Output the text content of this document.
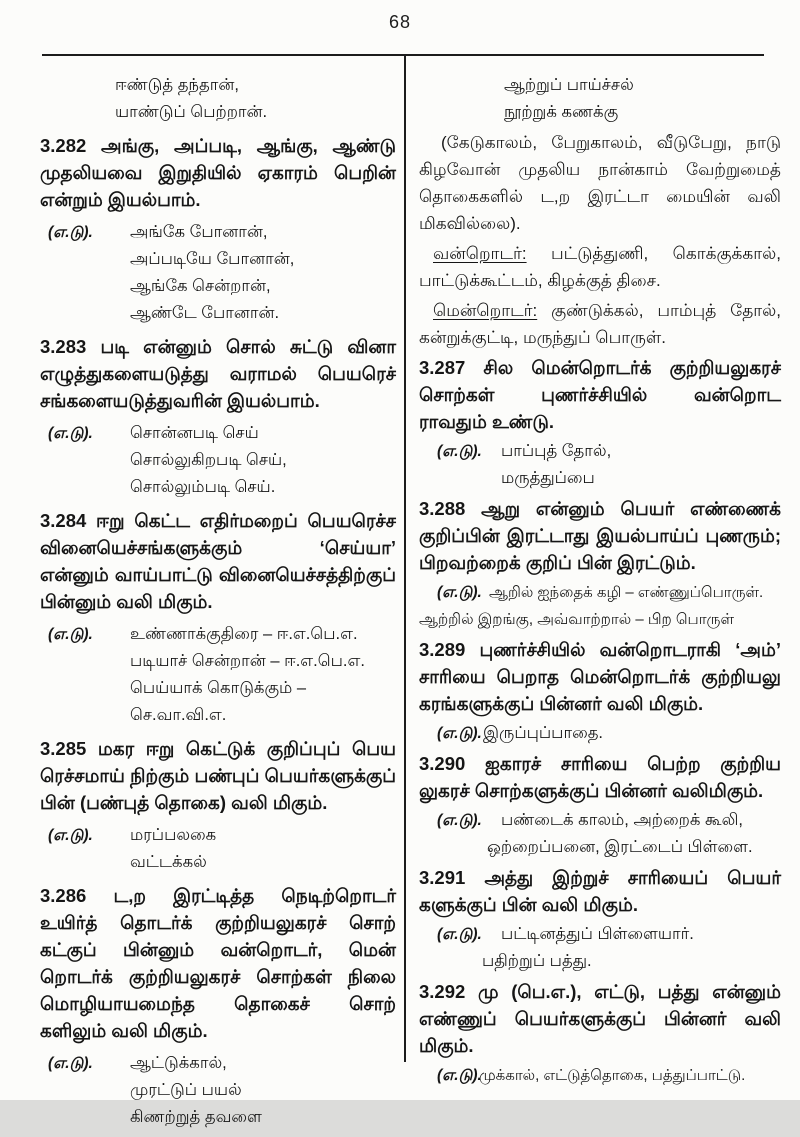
68
ஈண்டுத் தந்தான்,
யாண்டுப் பெற்றான்.
3.282 அங்கு, அப்படி, ஆங்கு, ஆண்டு
முதலியவை இறுதியில் ஏகாரம் பெறின்
என்றும் இயல்பாம்.
(எ.டு).	அங்கே போனான்,
அப்படியே போனான்,
ஆங்கே சென்றான்,
ஆண்டே போனான்.
3.283 படி என்னும் சொல் சுட்டு வினா
எழுத்துகளையடுத்து வராமல் பெயரெச்
சங்களையடுத்துவரின் இயல்பாம்.
(எ.டு).	சொன்னபடி செய்
சொல்லுகிறபடி செய்,
சொல்லும்படி செய்.
3.284 ஈறு கெட்ட எதிர்மறைப் பெயரெச்ச
வினையெச்சங்களுக்கும் ‘செய்யா’
என்னும் வாய்பாட்டு வினையெச்சத்திற்குப்
பின்னும் வலி மிகும்.
(எ.டு).	உண்ணாக்குதிரை – ஈ.எ.பெ.எ.
படியாச் சென்றான் – ஈ.எ.பெ.எ.
பெய்யாக் கொடுக்கும் – செ.வா.வி.எ.
3.285 மகர ஈறு கெட்டுக் குறிப்புப் பெய
ரெச்சமாய் நிற்கும் பண்புப் பெயர்களுக்குப்
பின் (பண்புத் தொகை) வலி மிகும்.
(எ.டு).	மரப்பலகை
வட்டக்கல்
3.286 ட,ற இரட்டித்த நெடிற்றொடர்
உயிர்த் தொடர்க் குற்றியலுகரச் சொற்
கட்குப் பின்னும் வன்றொடர், மென்
றொடர்க் குற்றியலுகரச் சொற்கள் நிலை
மொழியாயமைந்த தொகைச் சொற்
களிலும் வலி மிகும்.
(எ.டு).	ஆட்டுக்கால்,
முரட்டுப் பயல்
கிணற்றுத் தவளை
ஆற்றுப் பாய்ச்சல்
நூற்றுக் கணக்கு
(கேடுகாலம், பேறுகாலம், வீடுபேறு, நாடு
கிழவோன் முதலிய நான்காம் வேற்றுமைத்
தொகைகளில் ட,ற இரட்டா மையின் வலி
மிகவில்லை).
வன்றொடர்: பட்டுத்துணி, கொக்குக்கால்,
பாட்டுக்கூட்டம், கிழக்குத் திசை.
மென்றொடர்: குண்டுக்கல், பாம்புத் தோல்,
கன்றுக்குட்டி, மருந்துப் பொருள்.
3.287 சில மென்றொடர்க் குற்றியலுகரச்
சொற்கள் புணர்ச்சியில் வன்றொட
ராவதும் உண்டு.
(எ.டு).	பாப்புத் தோல்,
மருத்துப்பை
3.288 ஆறு என்னும் பெயர் எண்ணைக்
குறிப்பின் இரட்டாது இயல்பாய்ப் புணரும்;
பிறவற்றைக் குறிப் பின் இரட்டும்.
(எ.டு). ஆறில் ஐந்தைக் கழி – எண்ணுப்பொருள்.
ஆற்றில் இறங்கு, அவ்வாற்றால் – பிற பொருள்
3.289 புணர்ச்சியில் வன்றொடராகி ‘அம்’
சாரியை பெறாத மென்றொடர்க் குற்றியலு
கரங்களுக்குப் பின்னர் வலி மிகும்.
(எ.டு). இருப்புப்பாதை.
3.290 ஐகாரச் சாரியை பெற்ற குற்றிய
லுகரச் சொற்களுக்குப் பின்னர் வலிமிகும்.
(எ.டு).	பண்டைக் காலம், அற்றைக் கூலி,
ஒற்றைப்பனை, இரட்டைப் பிள்ளை.
3.291 அத்து இற்றுச் சாரியைப் பெயர்
களுக்குப் பின் வலி மிகும்.
(எ.டு).	பட்டினத்துப் பிள்ளையார்.
பதிற்றுப் பத்து.
3.292 மு (பெ.எ.), எட்டு, பத்து என்னும்
எண்ணுப் பெயர்களுக்குப் பின்னர் வலி
மிகும்.
(எ.டு).
முக்கால், எட்டுத்தொகை, பத்துப்பாட்டு.
